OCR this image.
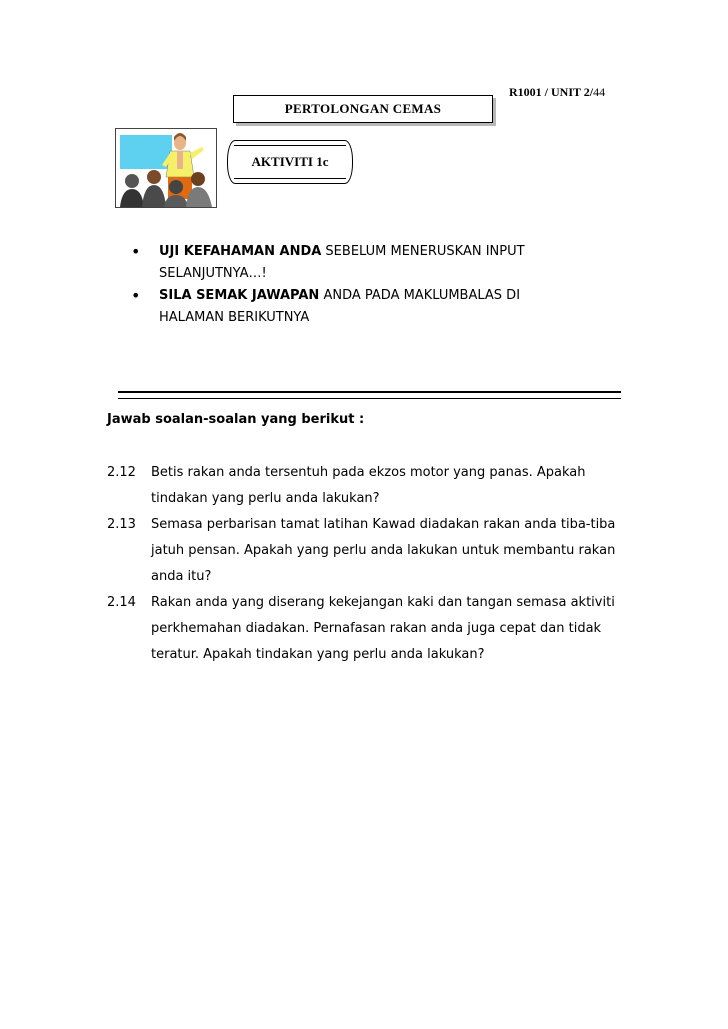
R1001 / UNIT 2/44
PERTOLONGAN CEMAS
AKTIVITI 1c
• UJI KEFAHAMAN ANDA SEBELUM MENERUSKAN INPUT SELANJUTNYA…!
• SILA SEMAK JAWAPAN ANDA PADA MAKLUMBALAS DI HALAMAN BERIKUTNYA
Jawab soalan-soalan yang berikut :
2.12 Betis rakan anda tersentuh pada ekzos motor yang panas. Apakah tindakan yang perlu anda lakukan?
2.13 Semasa perbarisan tamat latihan Kawad diadakan rakan anda tiba-tiba jatuh pensan. Apakah yang perlu anda lakukan untuk membantu rakan anda itu?
2.14 Rakan anda yang diserang kekejangan kaki dan tangan semasa aktiviti perkhemahan diadakan. Pernafasan rakan anda juga cepat dan tidak teratur. Apakah tindakan yang perlu anda lakukan?
